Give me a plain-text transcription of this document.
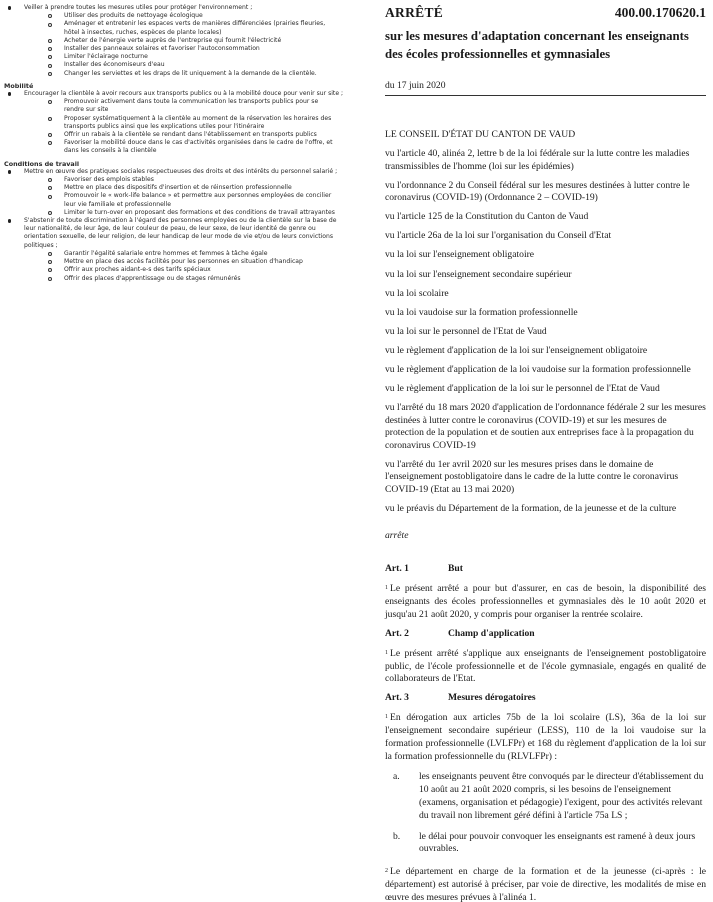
Veiller à prendre toutes les mesures utiles pour protéger l'environnement ;
Utiliser des produits de nettoyage écologique
Aménager et entretenir les espaces verts de manières différenciées (prairies fleuries, hôtel à insectes, ruches, espèces de plante locales)
Acheter de l'énergie verte auprès de l'entreprise qui fournit l'électricité
Installer des panneaux solaires et favoriser l'autoconsommation
Limiter l'éclairage nocturne
Installer des économiseurs d'eau
Changer les serviettes et les draps de lit uniquement à la demande de la clientèle.
Mobilité
Encourager la clientèle à avoir recours aux transports publics ou à la mobilité douce pour venir sur site ;
Promouvoir activement dans toute la communication les transports publics pour se rendre sur site
Proposer systématiquement à la clientèle au moment de la réservation les horaires des transports publics ainsi que les explications utiles pour l'itinéraire
Offrir un rabais à la clientèle se rendant dans l'établissement en transports publics
Favoriser la mobilité douce dans le cas d'activités organisées dans le cadre de l'offre, et dans les conseils à la clientèle
Conditions de travail
Mettre en œuvre des pratiques sociales respectueuses des droits et des intérêts du personnel salarié ;
Favoriser des emplois stables
Mettre en place des dispositifs d'insertion et de réinsertion professionnelle
Promouvoir le « work-life balance » et permettre aux personnes employées de concilier leur vie familiale et professionnelle
Limiter le turn-over en proposant des formations et des conditions de travail attrayantes
S'abstenir de toute discrimination à l'égard des personnes employées ou de la clientèle sur la base de leur nationalité, de leur âge, de leur couleur de peau, de leur sexe, de leur identité de genre ou orientation sexuelle, de leur religion, de leur handicap de leur mode de vie et/ou de leurs convictions politiques ;
Garantir l'égalité salariale entre hommes et femmes à tâche égale
Mettre en place des accès facilités pour les personnes en situation d'handicap
Offrir aux proches aidant-e-s des tarifs spéciaux
Offrir des places d'apprentissage ou de stages rémunérés
ARRÊTÉ	400.00.170620.1
sur les mesures d'adaptation concernant les enseignants des écoles professionnelles et gymnasiales
du 17 juin 2020
LE CONSEIL D'ÉTAT DU CANTON DE VAUD
vu l'article 40, alinéa 2, lettre b de la loi fédérale sur la lutte contre les maladies transmissibles de l'homme (loi sur les épidémies)
vu l'ordonnance 2 du Conseil fédéral sur les mesures destinées à lutter contre le coronavirus (COVID-19) (Ordonnance 2 – COVID-19)
vu l'article 125 de la Constitution du Canton de Vaud
vu l'article 26a de la loi sur l'organisation du Conseil d'Etat
vu la loi sur l'enseignement obligatoire
vu la loi sur l'enseignement secondaire supérieur
vu la loi scolaire
vu la loi vaudoise sur la formation professionnelle
vu la loi sur le personnel de l'Etat de Vaud
vu le règlement d'application de la loi sur l'enseignement obligatoire
vu le règlement d'application de la loi vaudoise sur la formation professionnelle
vu le règlement d'application de la loi sur le personnel de l'Etat de Vaud
vu l'arrêté du 18 mars 2020 d'application de l'ordonnance fédérale 2 sur les mesures destinées à lutter contre le coronavirus (COVID-19) et sur les mesures de protection de la population et de soutien aux entreprises face à la propagation du coronavirus COVID-19
vu l'arrêté du 1er avril 2020 sur les mesures prises dans le domaine de l'enseignement postobligatoire dans le cadre de la lutte contre le coronavirus COVID-19 (Etat au 13 mai 2020)
vu le préavis du Département de la formation, de la jeunesse et de la culture
arrête
Art. 1	But
$^1$ Le présent arrêté a pour but d'assurer, en cas de besoin, la disponibilité des enseignants des écoles professionnelles et gymnasiales dès le 10 août 2020 et jusqu'au 21 août 2020, y compris pour organiser la rentrée scolaire.
Art. 2	Champ d'application
$^1$ Le présent arrêté s'applique aux enseignants de l'enseignement postobligatoire public, de l'école professionnelle et de l'école gymnasiale, engagés en qualité de collaborateurs de l'Etat.
Art. 3	Mesures dérogatoires
$^1$ En dérogation aux articles 75b de la loi scolaire (LS), 36a de la loi sur l'enseignement secondaire supérieur (LESS), 110 de la loi vaudoise sur la formation professionnelle (LVLFPr) et 168 du règlement d'application de la loi sur la formation professionnelle du (RLVLFPr) :
a. les enseignants peuvent être convoqués par le directeur d'établissement du 10 août au 21 août 2020 compris, si les besoins de l'enseignement (examens, organisation et pédagogie) l'exigent, pour des activités relevant du travail non librement géré défini à l'article 75a LS ;
b. le délai pour pouvoir convoquer les enseignants est ramené à deux jours ouvrables.
$^2$ Le département en charge de la formation et de la jeunesse (ci-après : le département) est autorisé à préciser, par voie de directive, les modalités de mise en œuvre des mesures prévues à l'alinéa 1.
